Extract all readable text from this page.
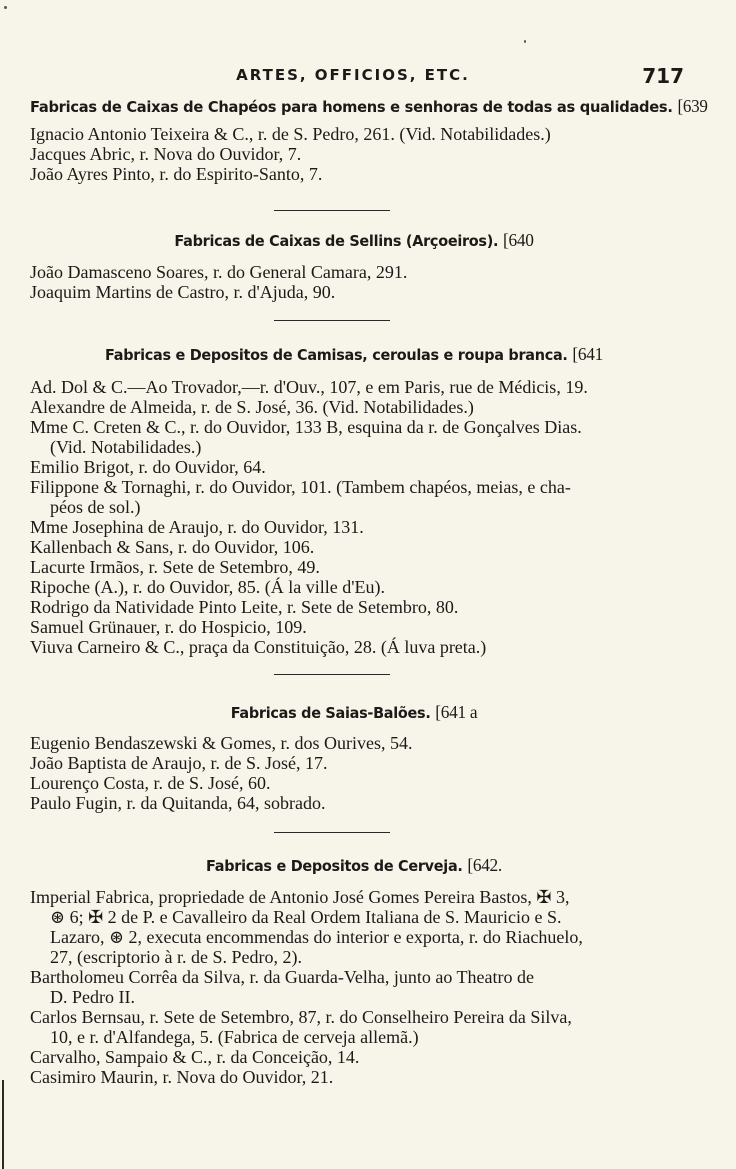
ARTES, OFFICIOS, ETC.	717
Fabricas de Caixas de Chapéos para homens e senhoras de todas as qualidades. [639
Ignacio Antonio Teixeira & C., r. de S. Pedro, 261. (Vid. Notabilidades.)
Jacques Abric, r. Nova do Ouvidor, 7.
João Ayres Pinto, r. do Espirito-Santo, 7.
Fabricas de Caixas de Sellins (Arçoeiros). [640
João Damasceno Soares, r. do General Camara, 291.
Joaquim Martins de Castro, r. d'Ajuda, 90.
Fabricas e Depositos de Camisas, ceroulas e roupa branca. [641
Ad. Dol & C.—Ao Trovador,—r. d'Ouv., 107, e em Paris, rue de Médicis, 19.
Alexandre de Almeida, r. de S. José, 36. (Vid. Notabilidades.)
Mme C. Creten & C., r. do Ouvidor, 133 B, esquina da r. de Gonçalves Dias.
(Vid. Notabilidades.)
Emilio Brigot, r. do Ouvidor, 64.
Filippone & Tornaghi, r. do Ouvidor, 101. (Tambem chapéos, meias, e cha-
péos de sol.)
Mme Josephina de Araujo, r. do Ouvidor, 131.
Kallenbach & Sans, r. do Ouvidor, 106.
Lacurte Irmãos, r. Sete de Setembro, 49.
Ripoche (A.), r. do Ouvidor, 85. (Á la ville d'Eu).
Rodrigo da Natividade Pinto Leite, r. Sete de Setembro, 80.
Samuel Grünauer, r. do Hospicio, 109.
Viuva Carneiro & C., praça da Constituição, 28. (Á luva preta.)
Fabricas de Saias-Balões. [641 a
Eugenio Bendaszewski & Gomes, r. dos Ourives, 54.
João Baptista de Araujo, r. de S. José, 17.
Lourenço Costa, r. de S. José, 60.
Paulo Fugin, r. da Quitanda, 64, sobrado.
Fabricas e Depositos de Cerveja. [642.
Imperial Fabrica, propriedade de Antonio José Gomes Pereira Bastos, ✠ 3,
⊛ 6; ✠ 2 de P. e Cavalleiro da Real Ordem Italiana de S. Mauricio e S.
Lazaro, ⊛ 2, executa encommendas do interior e exporta, r. do Riachuelo,
27, (escriptorio à r. de S. Pedro, 2).
Bartholomeu Corrêa da Silva, r. da Guarda-Velha, junto ao Theatro de
D. Pedro II.
Carlos Bernsau, r. Sete de Setembro, 87, r. do Conselheiro Pereira da Silva,
10, e r. d'Alfandega, 5. (Fabrica de cerveja allemã.)
Carvalho, Sampaio & C., r. da Conceição, 14.
Casimiro Maurin, r. Nova do Ouvidor, 21.
